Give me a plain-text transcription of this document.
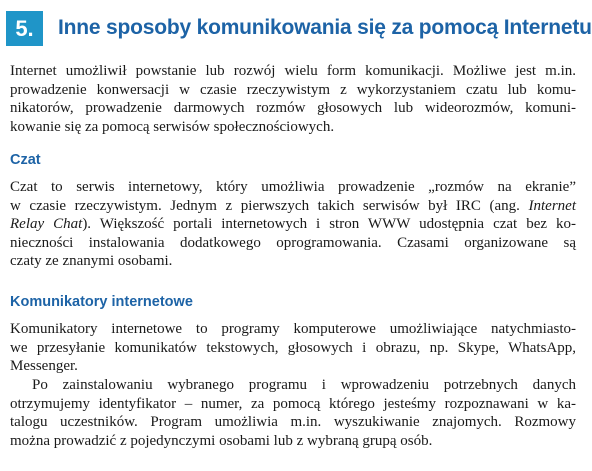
5.	Inne sposoby komunikowania się za pomocą Internetu

Internet umożliwił powstanie lub rozwój wielu form komunikacji. Możliwe jest m.in.
prowadzenie konwersacji w czasie rzeczywistym z wykorzystaniem czatu lub komu-
nikatorów, prowadzenie darmowych rozmów głosowych lub wideorozmów, komuni-
kowanie się za pomocą serwisów społecznościowych.

Czat

Czat to serwis internetowy, który umożliwia prowadzenie „rozmów na ekranie”
w czasie rzeczywistym. Jednym z pierwszych takich serwisów był IRC (ang. Internet
Relay Chat). Większość portali internetowych i stron WWW udostępnia czat bez ko-
nieczności instalowania dodatkowego oprogramowania. Czasami organizowane są
czaty ze znanymi osobami.

Komunikatory internetowe

Komunikatory internetowe to programy komputerowe umożliwiające natychmiasto-
we przesyłanie komunikatów tekstowych, głosowych i obrazu, np. Skype, WhatsApp,
Messenger.

Po zainstalowaniu wybranego programu i wprowadzeniu potrzebnych danych
otrzymujemy identyfikator – numer, za pomocą którego jesteśmy rozpoznawani w ka-
talogu uczestników. Program umożliwia m.in. wyszukiwanie znajomych. Rozmowy
można prowadzić z pojedynczymi osobami lub z wybraną grupą osób.
